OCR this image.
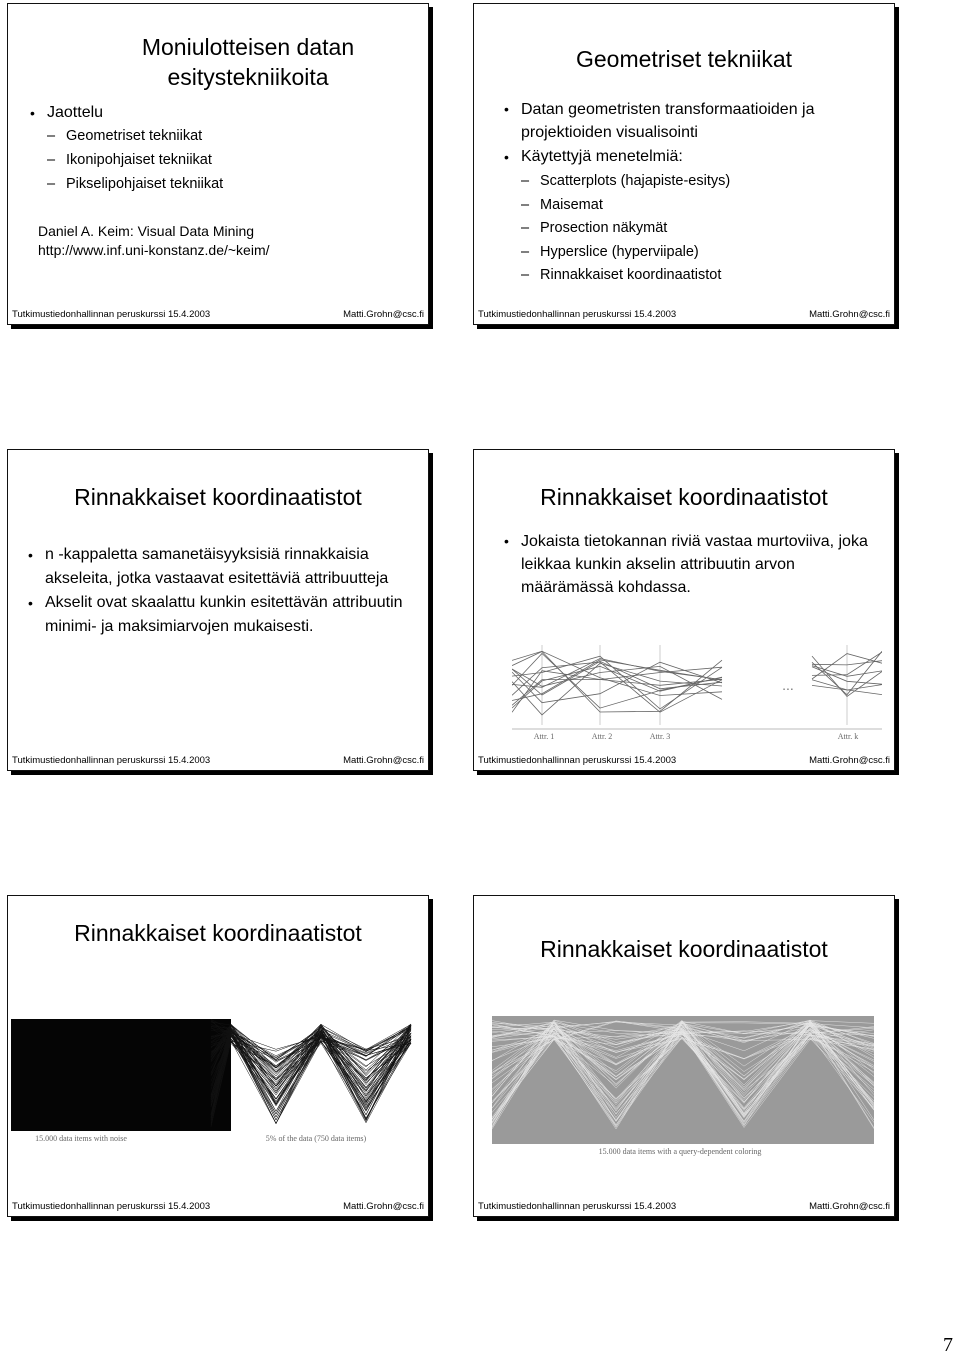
Moniulotteisen datan
esitystekniikoita
• Jaottelu
– Geometriset tekniikat
– Ikonipohjaiset tekniikat
– Pikselipohjaiset tekniikat
Daniel A. Keim: Visual Data Mining
http://www.inf.uni-konstanz.de/~keim/
Tutkimustiedonhallinnan peruskurssi 15.4.2003	Matti.Grohn@csc.fi
Geometriset tekniikat
• Datan geometristen transformaatioiden ja projektioiden visualisointi
• Käytettyjä menetelmiä:
– Scatterplots (hajapiste-esitys)
– Maisemat
– Prosection näkymät
– Hyperslice (hyperviipale)
– Rinnakkaiset koordinaatistot
Tutkimustiedonhallinnan peruskurssi 15.4.2003	Matti.Grohn@csc.fi
Rinnakkaiset koordinaatistot
• n -kappaletta samanetäisyyksisiä rinnakkaisia akseleita, jotka vastaavat esitettäviä attribuutteja
• Akselit ovat skaalattu kunkin esitettävän attribuutin minimi- ja maksimiarvojen mukaisesti.
Tutkimustiedonhallinnan peruskurssi 15.4.2003	Matti.Grohn@csc.fi
Rinnakkaiset koordinaatistot
• Jokaista tietokannan riviä vastaa murtoviiva, joka leikkaa kunkin akselin attribuutin arvon määrämässä kohdassa.
...
Attr. 1	Attr. 2	Attr. 3	Attr. k
Tutkimustiedonhallinnan peruskurssi 15.4.2003	Matti.Grohn@csc.fi
Rinnakkaiset koordinaatistot
15.000 data items with noise	5% of the data (750 data items)
Tutkimustiedonhallinnan peruskurssi 15.4.2003	Matti.Grohn@csc.fi
Rinnakkaiset koordinaatistot
15.000 data items with a query-dependent coloring
Tutkimustiedonhallinnan peruskurssi 15.4.2003	Matti.Grohn@csc.fi
7
